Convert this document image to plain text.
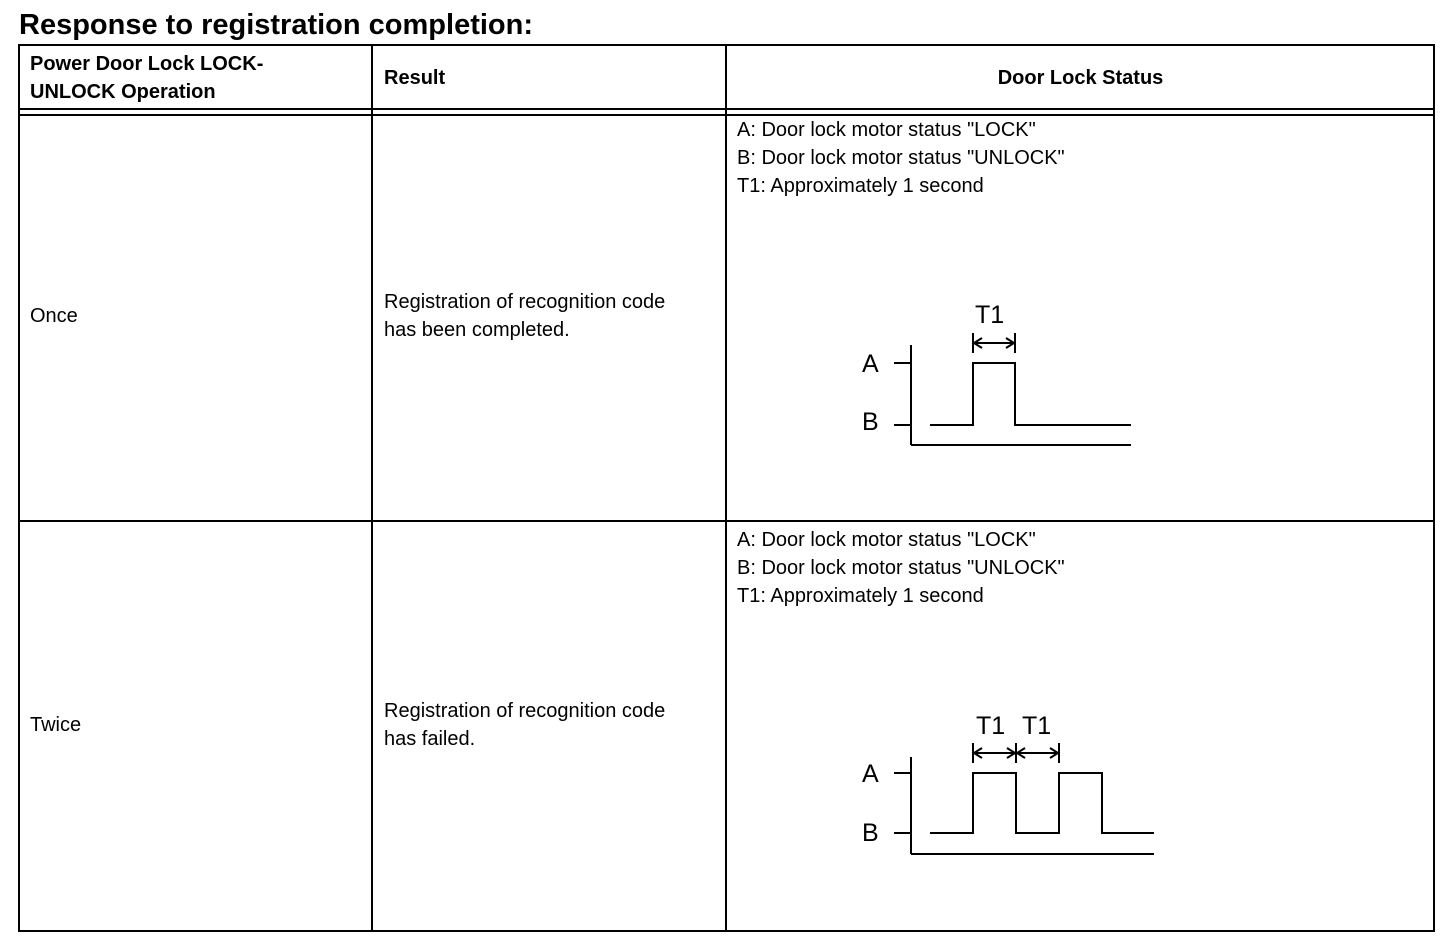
Response to registration completion:
Power Door Lock LOCK-
UNLOCK Operation
Result	Door Lock Status
Once
Registration of recognition code
has been completed.
A: Door lock motor status "LOCK"
B: Door lock motor status "UNLOCK"
T1: Approximately 1 second
A
B
T1
Twice
Registration of recognition code
has failed.
A: Door lock motor status "LOCK"
B: Door lock motor status "UNLOCK"
T1: Approximately 1 second
A
B
T1 T1
